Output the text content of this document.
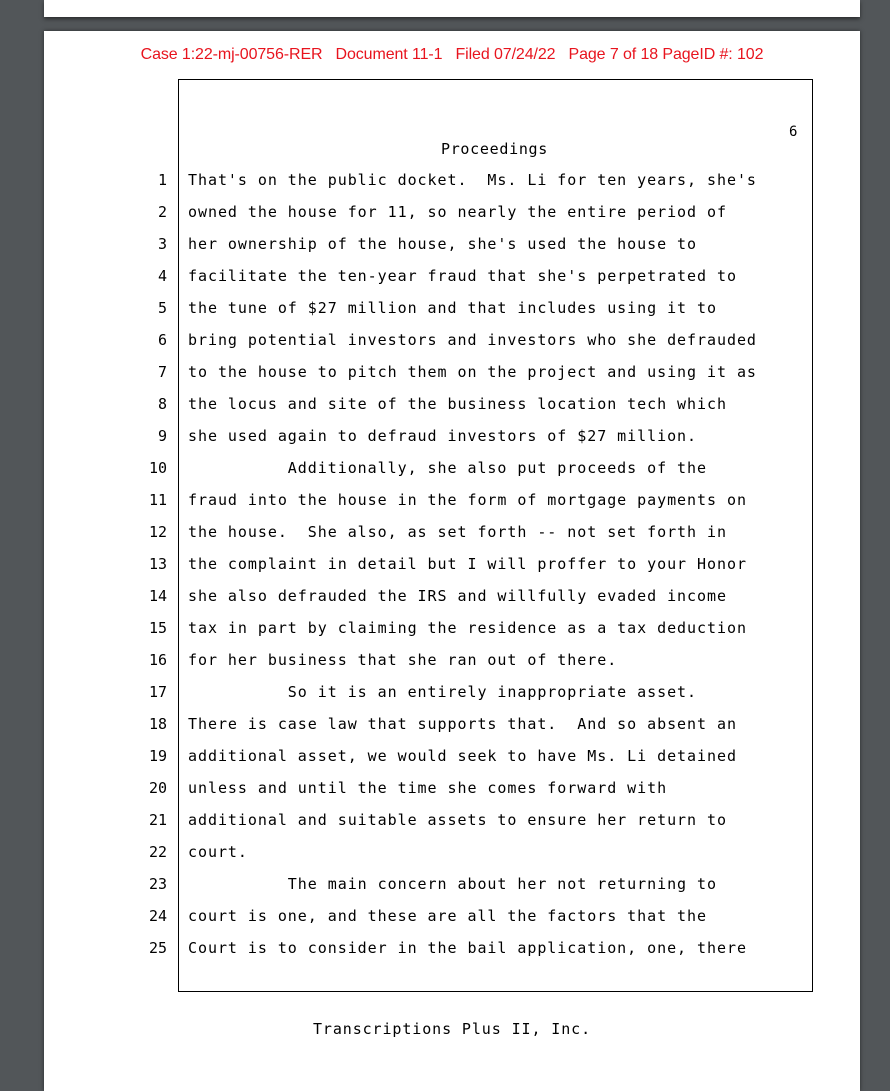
Case 1:22-mj-00756-RER   Document 11-1   Filed 07/24/22   Page 7 of 18 PageID #: 102
6
Proceedings
1 That's on the public docket.  Ms. Li for ten years, she's
2 owned the house for 11, so nearly the entire period of
3 her ownership of the house, she's used the house to
4 facilitate the ten-year fraud that she's perpetrated to
5 the tune of $27 million and that includes using it to
6 bring potential investors and investors who she defrauded
7 to the house to pitch them on the project and using it as
8 the locus and site of the business location tech which
9 she used again to defraud investors of $27 million.
10 Additionally, she also put proceeds of the
11 fraud into the house in the form of mortgage payments on
12 the house.  She also, as set forth -- not set forth in
13 the complaint in detail but I will proffer to your Honor
14 she also defrauded the IRS and willfully evaded income
15 tax in part by claiming the residence as a tax deduction
16 for her business that she ran out of there.
17 So it is an entirely inappropriate asset.
18 There is case law that supports that.  And so absent an
19 additional asset, we would seek to have Ms. Li detained
20 unless and until the time she comes forward with
21 additional and suitable assets to ensure her return to
22 court.
23 The main concern about her not returning to
24 court is one, and these are all the factors that the
25 Court is to consider in the bail application, one, there
Transcriptions Plus II, Inc.
